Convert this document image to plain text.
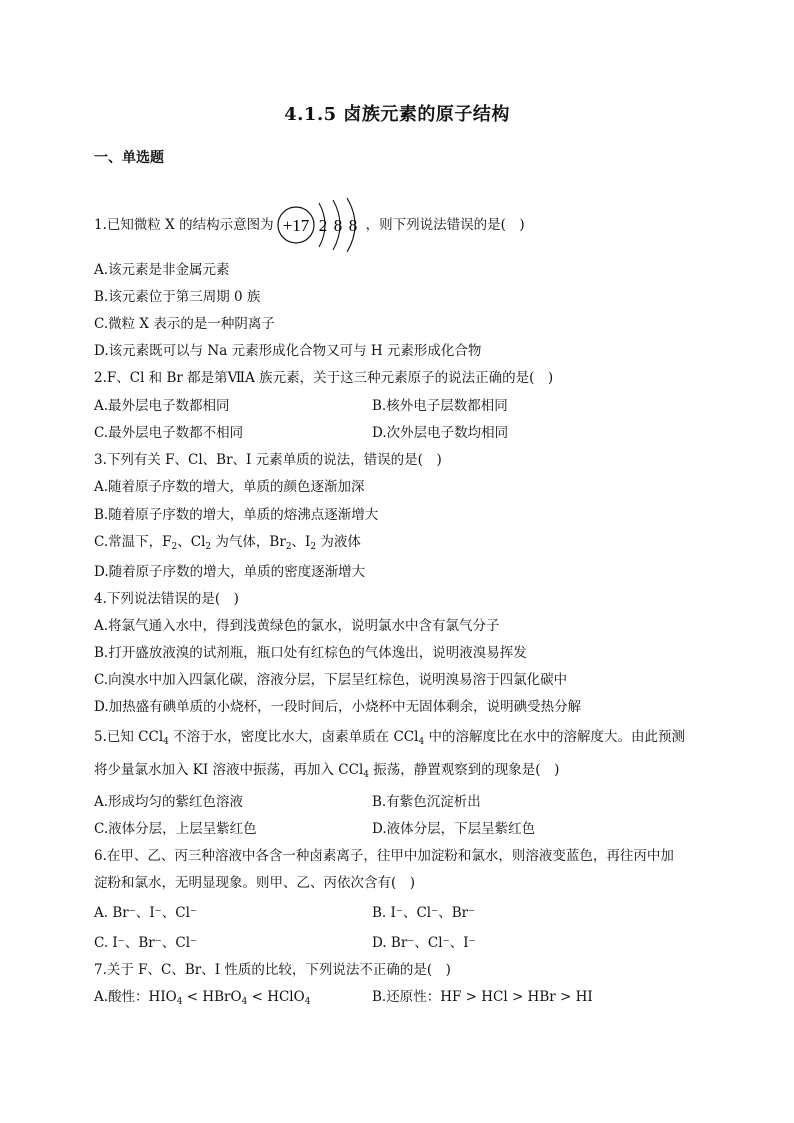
4.1.5 卤族元素的原子结构
一、单选题
1.已知微粒 X 的结构示意图为 +17 2 8 8 ，则下列说法错误的是(　)
A.该元素是非金属元素
B.该元素位于第三周期 0 族
C.微粒 X 表示的是一种阴离子
D.该元素既可以与 Na 元素形成化合物又可与 H 元素形成化合物
2.F、Cl 和 Br 都是第ⅦA 族元素，关于这三种元素原子的说法正确的是(　)
A.最外层电子数都相同	B.核外电子层数都相同
C.最外层电子数都不相同	D.次外层电子数均相同
3.下列有关 F、Cl、Br、I 元素单质的说法，错误的是(　)
A.随着原子序数的增大，单质的颜色逐渐加深
B.随着原子序数的增大，单质的熔沸点逐渐增大
C.常温下，$F_2$、$Cl_2$ 为气体，$Br_2$、$I_2$ 为液体
D.随着原子序数的增大，单质的密度逐渐增大
4.下列说法错误的是(　)
A.将氯气通入水中，得到浅黄绿色的氯水，说明氯水中含有氯气分子
B.打开盛放液溴的试剂瓶，瓶口处有红棕色的气体逸出，说明液溴易挥发
C.向溴水中加入四氯化碳，溶液分层，下层呈红棕色，说明溴易溶于四氯化碳中
D.加热盛有碘单质的小烧杯，一段时间后，小烧杯中无固体剩余，说明碘受热分解
5.已知 CCl$_4$ 不溶于水，密度比水大，卤素单质在 CCl$_4$ 中的溶解度比在水中的溶解度大。由此预测
将少量氯水加入 KI 溶液中振荡，再加入 CCl$_4$ 振荡，静置观察到的现象是(　)
A.形成均匀的紫红色溶液	B.有紫色沉淀析出
C.液体分层，上层呈紫红色	D.液体分层，下层呈紫红色
6.在甲、乙、丙三种溶液中各含一种卤素离子，往甲中加淀粉和氯水，则溶液变蓝色，再往丙中加
淀粉和氯水，无明显现象。则甲、乙、丙依次含有(　)
A. Br⁻、I⁻、Cl⁻	B. I⁻、Cl⁻、Br⁻
C. I⁻、Br⁻、Cl⁻	D. Br⁻、Cl⁻、I⁻
7.关于 F、C、Br、I 性质的比较，下列说法不正确的是(　)
A.酸性：$HIO_4$ < HBrO$_4$ < HClO$_4$	B.还原性：HF > HCl > HBr > HI
